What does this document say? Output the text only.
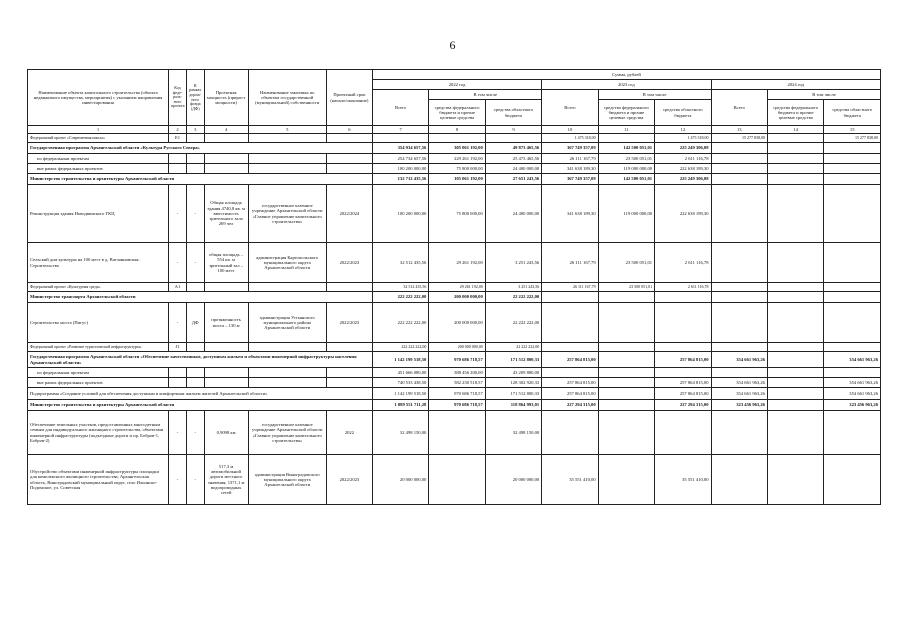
6
Наименование объекта капитального строительства (объекта недвижимого имущества, мероприятия) с указанием направления инвестирования	Код федерального проекта	В рамках дорожного фонда (ДФ)	Проектная мощность (прирост мощности)	Наименование заказчика по объектам государственной (муниципальной) собственности	Проектный срок (начало/окончание)	Сумма, рублей								
						2022 год			2023 год			2024 год		
						Всего	В том числе		Всего	В том числе		Всего	В том числе	
							средства федерального бюджета и прочие целевые средства	средства областного бюджета		средства федерального бюджета и прочие целевые средства	средства областного бюджета		средства федерального бюджета и прочие целевые средства	средства областного бюджета
1	2	3	4	5	6	7	8	9	10	11	12	13	14	15
Федеральный проект «Современная школа»	Е1								1 475 318,00		1 475 318,00	15 277 838,00		15 277 838,00
Государственная программа Архангельской области «Культура Русского Севера»						354 934 657,56	305 061 192,00	49 873 465,56	367 749 357,09	142 500 051,01	225 249 306,08			
по федеральным проектам						254 734 657,56	229 261 192,00	25 473 465,56	26 111 167,79	23 500 051,01	2 611 116,78			
вне рамок федеральных проектов						100 200 000,00	75 800 000,00	24 400 000,00	341 638 189,30	119 000 000,00	222 638 189,30			
Министерство строительства и архитектуры Архангельской области						132 712 435,56	105 061 192,00	27 651 243,56	367 749 357,09	142 500 051,01	225 249 306,08			
Реконструкция здания Новодвинского ГКЦ	-	-	Общая площадь здания 4740,8 кв. м вместимость зрительного зала 269 чел	государственное казенное учреждение Архангельской области «Главное управление капитального строительства»	2022/2024	100 200 000,00	75 800 000,00	24 400 000,00	341 638 189,30	119 000 000,00	222 638 189,30			
Сельский дом культуры на 100 мест в д. Ватланновская. Строительство	-	-	общая площадь – 554 кв. м зрительный зал – 100 мест	администрация Каргопольского муниципального округа Архангельской области	2022/2023	32 512 435,56	29 261 192,00	3 251 243,56	26 111 167,79	23 500 051,01	2 611 116,78			
Федеральный проект «Культурная среда»	А1					32 512 435,56	29 261 192,00	3 251 243,56	26 111 167,79	23 500 051,01	2 611 116,78			
Министерство транспорта Архангельской области						222 222 222,00	200 000 000,00	22 222 222,00						
Строительство моста (Пигус)	-	ДФ	протяженность моста – 130 м	администрация Устьянского муниципального района Архангельской области	2022/2023	222 222 222,00	200 000 000,00	22 222 222,00						
Федеральный проект «Развитие туристической инфраструктуры»	J1					222 222 222,00	200 000 000,00	22 222 222,00						
Государственная программа Архангельской области «Обеспечение качественным, доступным жильем и объектами инженерной инфраструктуры населения Архангельской области»						1 142 199 518,50	970 686 718,57	171 512 800,33	257 864 815,00		257 864 815,00	354 661 963,26		354 661 963,26
по федеральным проектам						451 666 080,00	388 456 200,00	43 209 880,00						
вне рамок федеральных проектов						740 533 438,50	582 230 518,57	128 302 920,33	257 864 815,00		257 864 815,00	354 661 963,26		354 661 963,26
Подпрограмма «Создание условий для обеспечения доступным и комфортным жильем жителей Архангельской области»						1 142 199 518,50	970 686 718,57	171 512 800,33	257 864 815,00		257 864 815,00	354 661 963,26		354 661 963,26
Министерство строительства и архитектуры Архангельской области						1 089 551 711,28	970 686 718,57	118 864 993,01	227 294 315,00		227 294 315,00	323 456 963,26		323 456 963,26
Обеспечение земельных участков, предоставленных многодетным семьям для индивидуального жилищного строительства, объектами инженерной инфраструктуры (подъездные дороги и пр. Бобров-1, Бобров-2)	-	-	0,9098 км	государственное казенное учреждение Архангельской области «Главное управление капитального строительства»	2022	32 498 150,00		32 498 150,00						
Обустройство объектами инженерной инфраструктуры площадки для комплексного жилищного строительства, Архангельская область, Виноградовский муниципальный округ, село Ильинско-Подомское, ул. Советская	-	-	517,3 м автомобильной дороги местного значения; 1371,1 м водопроводных сетей	администрация Виноградовского муниципального округа Архангельской области	2022/2023	20 000 000,00		20 000 000,00	35 551 410,00		35 551 410,00			
